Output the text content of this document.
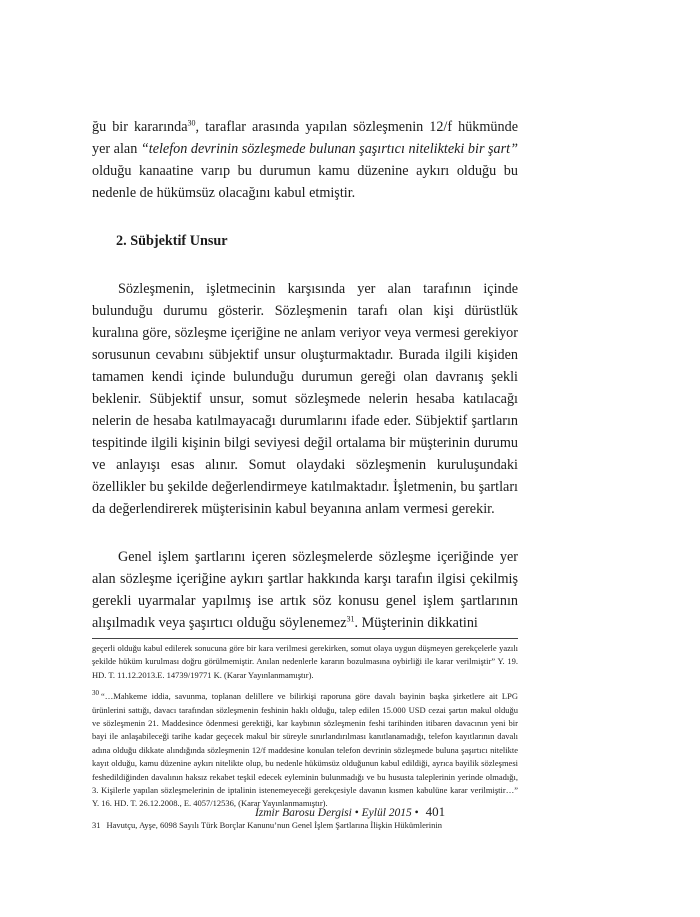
ğu bir kararında$^{30}$, taraflar arasında yapılan sözleşmenin 12/f hükmünde yer alan “telefon devrinin sözleşmede bulunan şaşırtıcı nitelikteki bir şart” olduğu kanaatine varıp bu durumun kamu düzenine aykırı olduğu bu nedenle de hükümsüz olacağını kabul etmiştir.

2. Sübjektif Unsur

Sözleşmenin, işletmecinin karşısında yer alan tarafının içinde bulunduğu durumu gösterir. Sözleşmenin tarafı olan kişi dürüstlük kuralına göre, sözleşme içeriğine ne anlam veriyor veya vermesi gerekiyor sorusunun cevabını sübjektif unsur oluşturmaktadır. Burada ilgili kişiden tamamen kendi içinde bulunduğu durumun gereği olan davranış şekli beklenir. Sübjektif unsur, somut sözleşmede nelerin hesaba katılacağı nelerin de hesaba katılmayacağı durumlarını ifade eder. Sübjektif şartların tespitinde ilgili kişinin bilgi seviyesi değil ortalama bir müşterinin durumu ve anlayışı esas alınır. Somut olaydaki sözleşmenin kuruluşundaki özellikler bu şekilde değerlendirmeye katılmaktadır. İşletmenin, bu şartları da değerlendirerek müşterisinin kabul beyanına anlam vermesi gerekir.

Genel işlem şartlarını içeren sözleşmelerde sözleşme içeriğinde yer alan sözleşme içeriğine aykırı şartlar hakkında karşı tarafın ilgisi çekilmiş gerekli uyarmalar yapılmış ise artık söz konusu genel işlem şartlarının alışılmadık veya şaşırtıcı olduğu söylenemez$^{31}$. Müşterinin dikkatini

geçerli olduğu kabul edilerek sonucuna göre bir kara verilmesi gerekirken, somut olaya uygun düşmeyen gerekçelerle yazılı şekilde hüküm kurulması doğru görülmemiştir. Anılan nedenlerle kararın bozulmasına oybirliği ile karar verilmiştir” Y. 19. HD. T. 11.12.2013.E. 14739/19771 K. (Karar Yayınlanmamıştır).

$^{30}$ “…Mahkeme iddia, savunma, toplanan delillere ve bilirkişi raporuna göre davalı bayinin başka şirketlere ait LPG ürünlerini sattığı, davacı tarafından sözleşmenin feshinin haklı olduğu, talep edilen 15.000 USD cezai şartın makul olduğu ve sözleşmenin 21. Maddesince ödenmesi gerektiği, kar kaybının sözleşmenin feshi tarihinden itibaren davacının yeni bir bayi ile anlaşabileceği tarihe kadar geçecek makul bir süreyle sınırlandırılması kanıtlanamadığı, telefon kayıtlarının davalı adına olduğu dikkate alındığında sözleşmenin 12/f maddesine konulan telefon devrinin sözleşmede buluna şaşırtıcı nitelikte kayıt olduğu, kamu düzenine aykırı nitelikte olup, bu nedenle hükümsüz olduğunun kabul edildiği, ayrıca bayilik sözleşmesi feshedildiğinden davalının haksız rekabet teşkil edecek eyleminin bulunmadığı ve bu hususta taleplerinin yerinde olmadığı, 3. Kişilerle yapılan sözleşmelerinin de iptalinin istenemeyeceği gerekçesiyle davanın kısmen kabulüne karar verilmiştir…” Y. 16. HD. T. 26.12.2008., E. 4057/12536, (Karar Yayınlanmamıştır).

31 Havutçu, Ayşe, 6098 Sayılı Türk Borçlar Kanunu’nun Genel İşlem Şartlarına İlişkin Hükümlerinin

İzmir Barosu Dergisi • Eylül 2015 • 401
